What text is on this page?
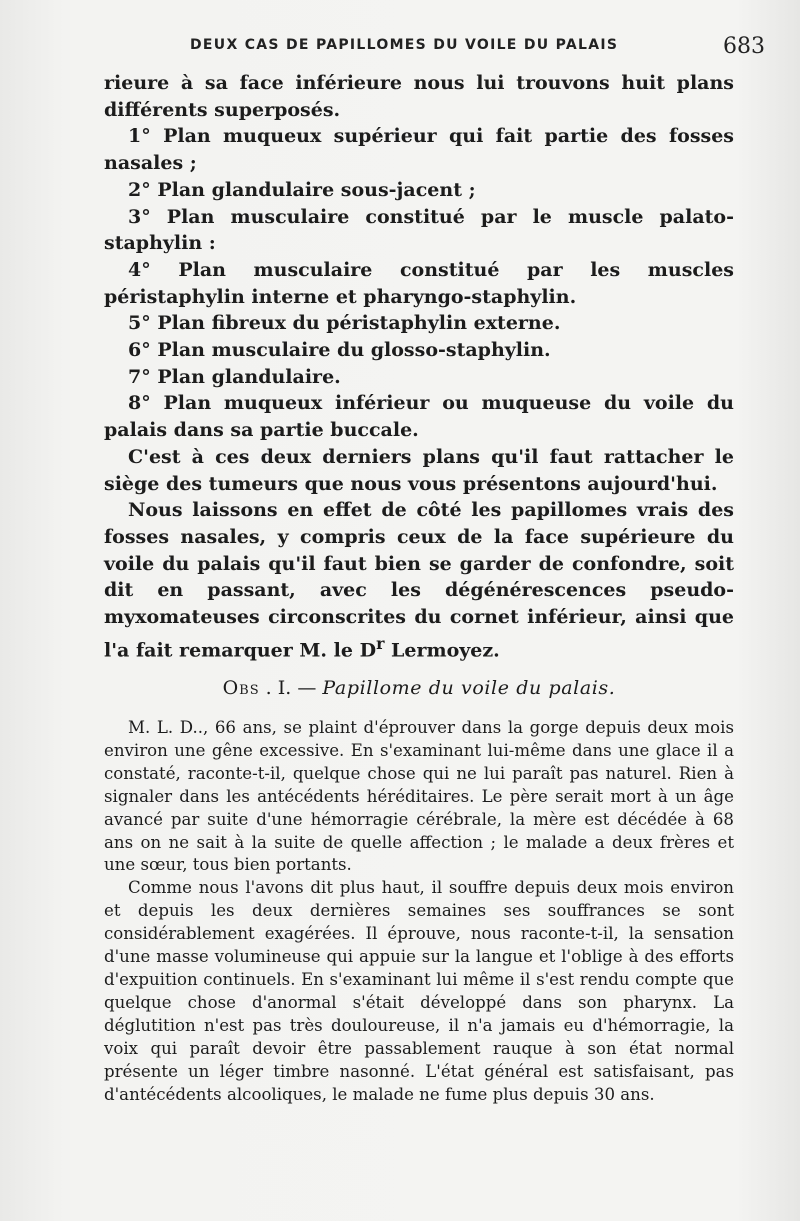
DEUX CAS DE PAPILLOMES DU VOILE DU PALAIS	683

rieure à sa face inférieure nous lui trouvons huit plans différents superposés.

1° Plan muqueux supérieur qui fait partie des fosses nasales ;

2° Plan glandulaire sous-jacent ;

3° Plan musculaire constitué par le muscle palato-staphylin :

4° Plan musculaire constitué par les muscles péristaphylin interne et pharyngo-staphylin.

5° Plan fibreux du péristaphylin externe.

6° Plan musculaire du glosso-staphylin.

7° Plan glandulaire.

8° Plan muqueux inférieur ou muqueuse du voile du palais dans sa partie buccale.

C'est à ces deux derniers plans qu'il faut rattacher le siège des tumeurs que nous vous présentons aujourd'hui.

Nous laissons en effet de côté les papillomes vrais des fosses nasales, y compris ceux de la face supérieure du voile du palais qu'il faut bien se garder de confondre, soit dit en passant, avec les dégénérescences pseudo-myxomateuses circonscrites du cornet inférieur, ainsi que l'a fait remarquer M. le $D^r$ Lermoyez.

Obs . I. — Papillome du voile du palais.

M. L. D.., 66 ans, se plaint d'éprouver dans la gorge depuis deux mois environ une gêne excessive. En s'examinant lui-même dans une glace il a constaté, raconte-t-il, quelque chose qui ne lui paraît pas naturel. Rien à signaler dans les antécédents héréditaires. Le père serait mort à un âge avancé par suite d'une hémorragie cérébrale, la mère est décédée à 68 ans on ne sait à la suite de quelle affection ; le malade a deux frères et une sœur, tous bien portants.

Comme nous l'avons dit plus haut, il souffre depuis deux mois environ et depuis les deux dernières semaines ses souffrances se sont considérablement exagérées. Il éprouve, nous raconte-t-il, la sensation d'une masse volumineuse qui appuie sur la langue et l'oblige à des efforts d'expuition continuels. En s'examinant lui même il s'est rendu compte que quelque chose d'anormal s'était développé dans son pharynx. La déglutition n'est pas très douloureuse, il n'a jamais eu d'hémorragie, la voix qui paraît devoir être passablement rauque à son état normal présente un léger timbre nasonné. L'état général est satisfaisant, pas d'antécédents alcooliques, le malade ne fume plus depuis 30 ans.
